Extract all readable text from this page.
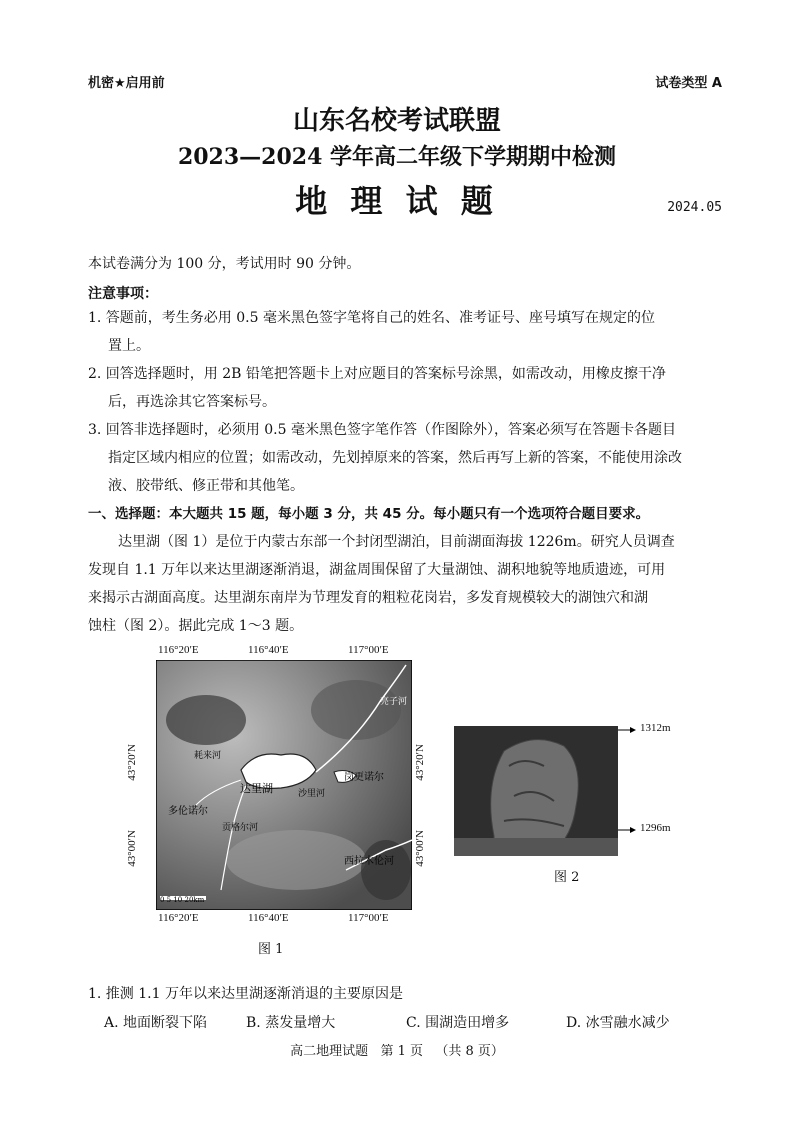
机密★启用前	试卷类型 A
山东名校考试联盟
2023—2024 学年高二年级下学期期中检测
地 理 试 题	2024.05
本试卷满分为 100 分，考试用时 90 分钟。
注意事项：
1. 答题前，考生务必用 0.5 毫米黑色签字笔将自己的姓名、准考证号、座号填写在规定的位
置上。
2. 回答选择题时，用 2B 铅笔把答题卡上对应题目的答案标号涂黑，如需改动，用橡皮擦干净
后，再选涂其它答案标号。
3. 回答非选择题时，必须用 0.5 毫米黑色签字笔作答（作图除外），答案必须写在答题卡各题目
指定区域内相应的位置；如需改动，先划掉原来的答案，然后再写上新的答案，不能使用涂改
液、胶带纸、修正带和其他笔。
一、选择题：本大题共 15 题，每小题 3 分，共 45 分。每小题只有一个选项符合题目要求。
达里湖（图 1）是位于内蒙古东部一个封闭型湖泊，目前湖面海拔 1226m。研究人员调查
发现自 1.1 万年以来达里湖逐渐消退，湖盆周围保留了大量湖蚀、湖积地貌等地质遗迹，可用
来揭示古湖面高度。达里湖东南岸为节理发育的粗粒花岗岩，多发育规模较大的湖蚀穴和湖
蚀柱（图 2）。据此完成 1～3 题。
116°20′E	116°40′E	117°00′E
达里湖
多伦诺尔
贡格尔河
亮子河
沙里河
岗更诺尔
西拉木伦河
耗来河
0 5 10 20km
43°20′N
43°00′N
43°20′N
43°00′N
116°20′E	116°40′E	117°00′E
图 1
1312m
1296m
图 2
1. 推测 1.1 万年以来达里湖逐渐消退的主要原因是
A. 地面断裂下陷	B. 蒸发量增大	C. 围湖造田增多	D. 冰雪融水减少
高二地理试题   第 1 页   （共 8 页）
